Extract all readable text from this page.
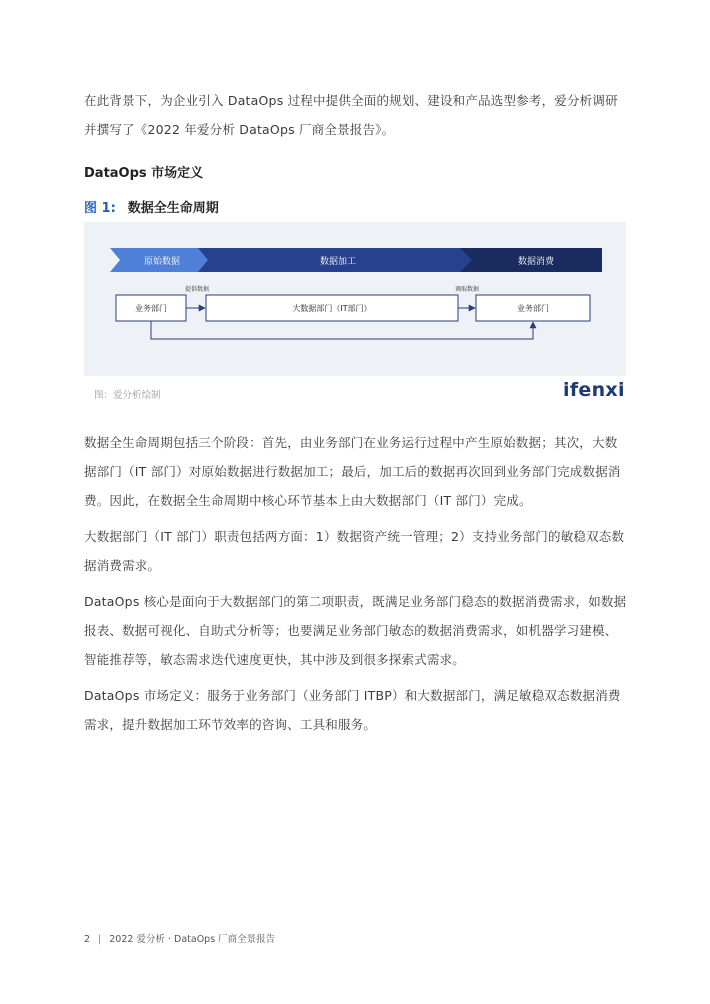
在此背景下，为企业引入 DataOps 过程中提供全面的规划、建设和产品选型参考，爱分析调研并撰写了《2022 年爱分析 DataOps 厂商全景报告》。

DataOps 市场定义
图 1: 数据全生命周期
原始数据	数据加工	数据消费
业务部门	大数据部门（IT部门）	业务部门
提供数据	调取数据
图：爱分析绘制	ifenxi

数据全生命周期包括三个阶段：首先，由业务部门在业务运行过程中产生原始数据；其次，大数据部门（IT 部门）对原始数据进行数据加工；最后，加工后的数据再次回到业务部门完成数据消费。因此，在数据全生命周期中核心环节基本上由大数据部门（IT 部门）完成。

大数据部门（IT 部门）职责包括两方面：1）数据资产统一管理；2）支持业务部门的敏稳双态数据消费需求。

DataOps 核心是面向于大数据部门的第二项职责，既满足业务部门稳态的数据消费需求，如数据报表、数据可视化、自助式分析等；也要满足业务部门敏态的数据消费需求，如机器学习建模、智能推荐等，敏态需求迭代速度更快，其中涉及到很多探索式需求。

DataOps 市场定义：服务于业务部门（业务部门 ITBP）和大数据部门，满足敏稳双态数据消费需求，提升数据加工环节效率的咨询、工具和服务。

2 | 2022 爱分析 · DataOps 厂商全景报告
